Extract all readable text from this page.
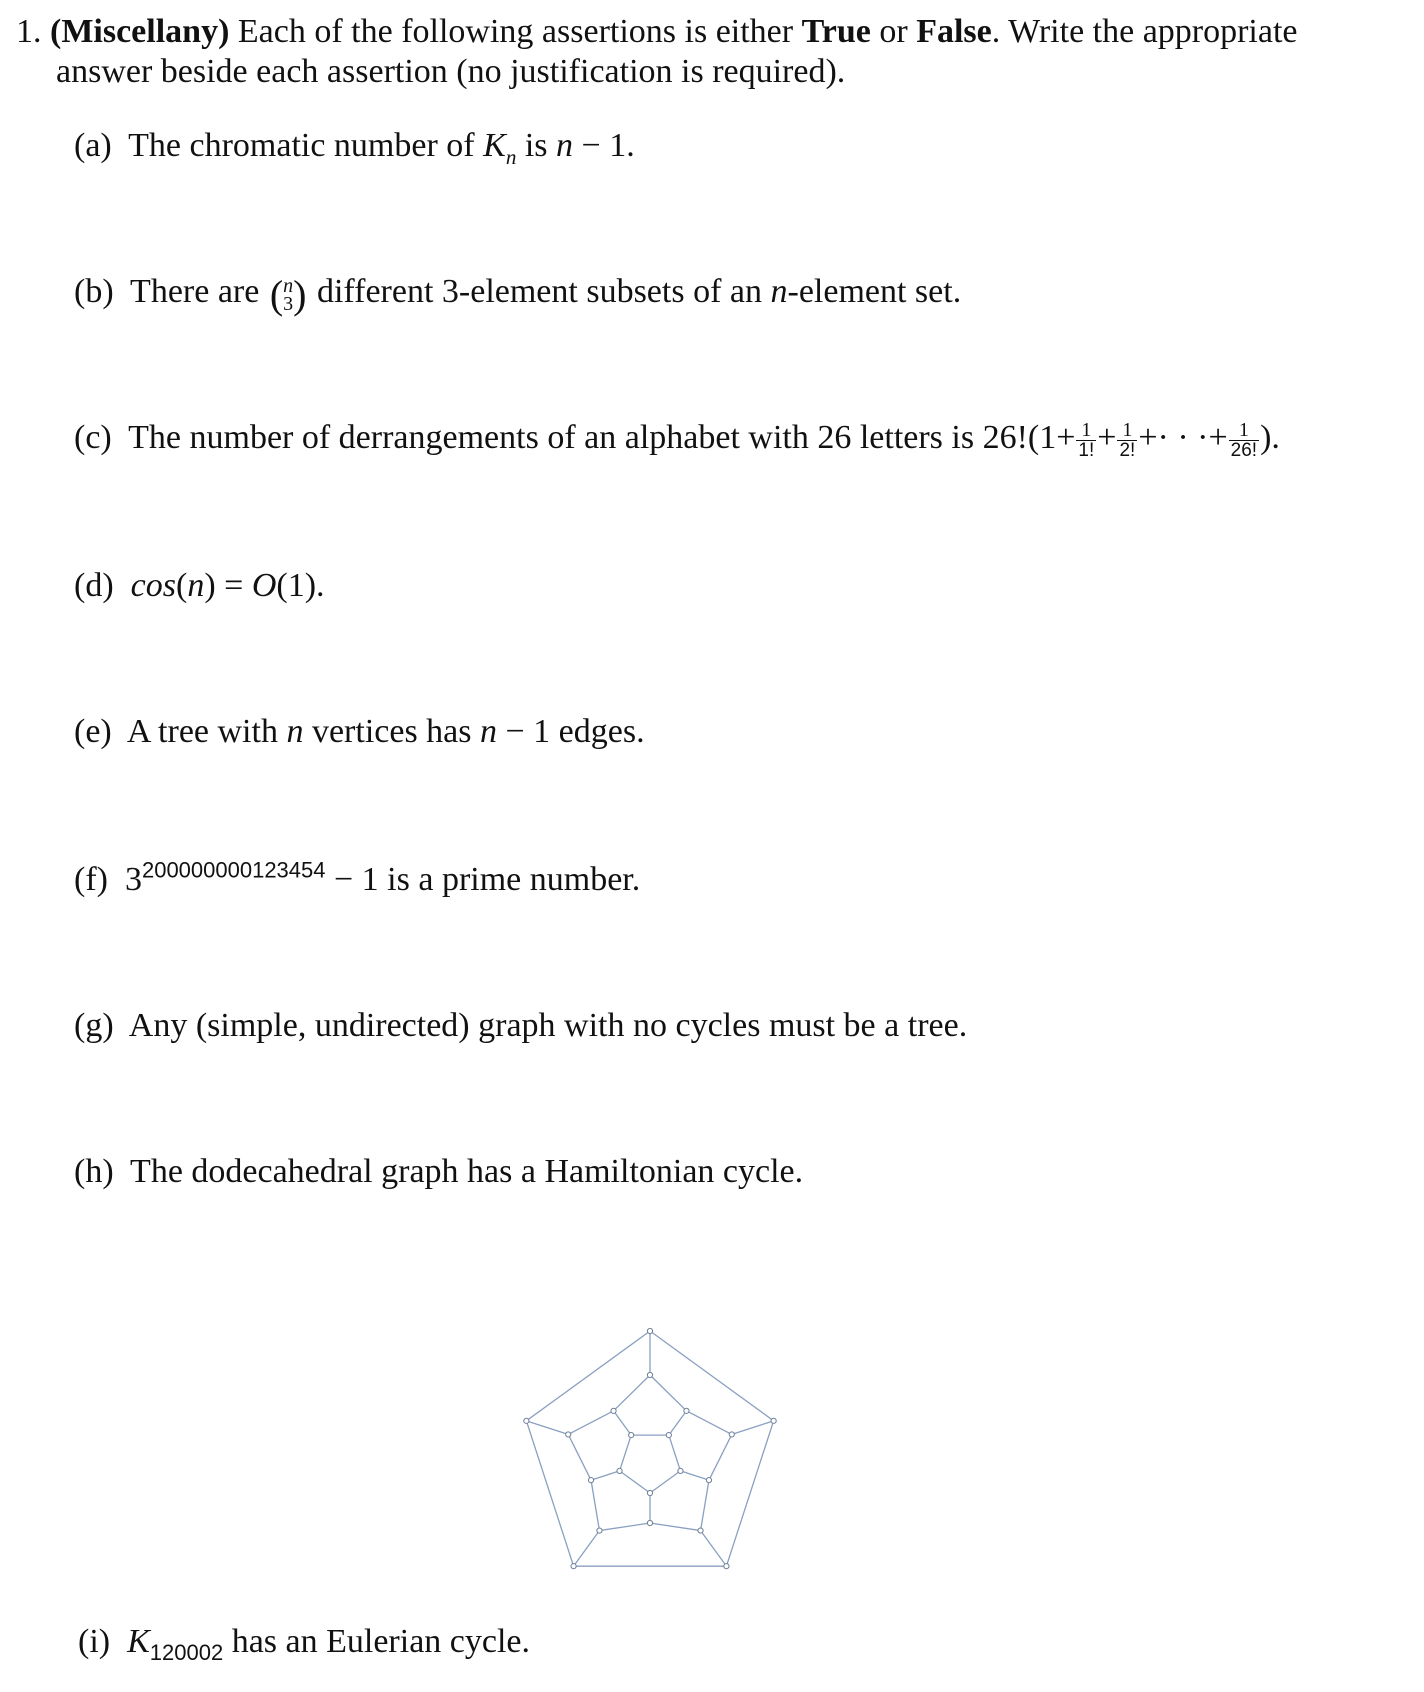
1. (Miscellany) Each of the following assertions is either True or False. Write the appropriate
answer beside each assertion (no justification is required).
(a) The chromatic number of $K_n$ is n − 1.
(b) There are ( n
3 ) different 3-element subsets of an n-element set.
(c) The number of derrangements of an alphabet with 26 letters is $26!(1+ \frac{1}{1!} + \frac{1}{2!}$ +· · ·+ $\frac{1}{26!}$ ).
(d) cos(n) = O(1).
(e) A tree with n vertices has n − 1 edges.
(f) $3^{200000000123454} - 1$ is a prime number.
(g) Any (simple, undirected) graph with no cycles must be a tree.
(h) The dodecahedral graph has a Hamiltonian cycle.
(i) $K_{120002}$ has an Eulerian cycle.
